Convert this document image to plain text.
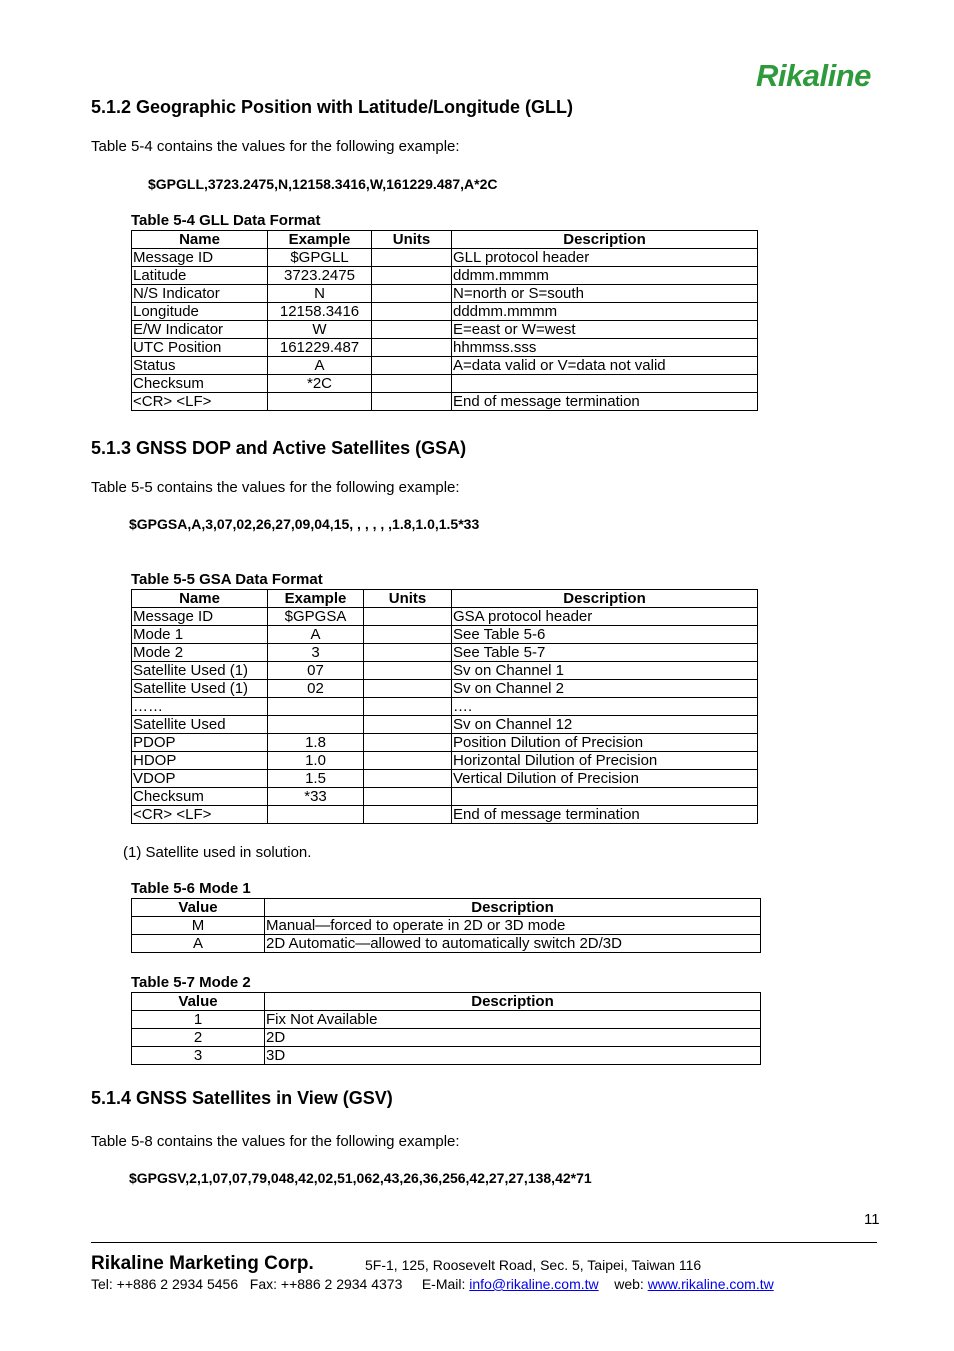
Rikaline
5.1.2 Geographic Position with Latitude/Longitude (GLL)
Table 5-4 contains the values for the following example:
$GPGLL,3723.2475,N,12158.3416,W,161229.487,A*2C
Table 5-4 GLL Data Format
Name	Example	Units	Description
Message ID	$GPGLL		GLL protocol header
Latitude	3723.2475		ddmm.mmmm
N/S Indicator	N		N=north or S=south
Longitude	12158.3416		dddmm.mmmm
E/W Indicator	W		E=east or W=west
UTC Position	161229.487		hhmmss.sss
Status	A		A=data valid or V=data not valid
Checksum	*2C		
<CR> <LF>			End of message termination
5.1.3 GNSS DOP and Active Satellites (GSA)
Table 5-5 contains the values for the following example:
$GPGSA,A,3,07,02,26,27,09,04,15, , , , , ,1.8,1.0,1.5*33
Table 5-5 GSA Data Format
Name	Example	Units	Description
Message ID	$GPGSA		GSA protocol header
Mode 1	A		See Table 5-6
Mode 2	3		See Table 5-7
Satellite Used (1)	07		Sv on Channel 1
Satellite Used (1)	02		Sv on Channel 2
……			….
Satellite Used			Sv on Channel 12
PDOP	1.8		Position Dilution of Precision
HDOP	1.0		Horizontal Dilution of Precision
VDOP	1.5		Vertical Dilution of Precision
Checksum	*33		
<CR> <LF>			End of message termination
(1) Satellite used in solution.
Table 5-6 Mode 1
Value	Description
M	Manual—forced to operate in 2D or 3D mode
A	2D Automatic—allowed to automatically switch 2D/3D
Table 5-7 Mode 2
Value	Description
1	Fix Not Available
2	2D
3	3D
5.1.4 GNSS Satellites in View (GSV)
Table 5-8 contains the values for the following example:
$GPGSV,2,1,07,07,79,048,42,02,51,062,43,26,36,256,42,27,27,138,42*71
11
Rikaline Marketing Corp.	5F-1, 125, Roosevelt Road, Sec. 5, Taipei, Taiwan 116
Tel: ++886 2 2934 5456   Fax: ++886 2 2934 4373     E-Mail: info@rikaline.com.tw    web: www.rikaline.com.tw
